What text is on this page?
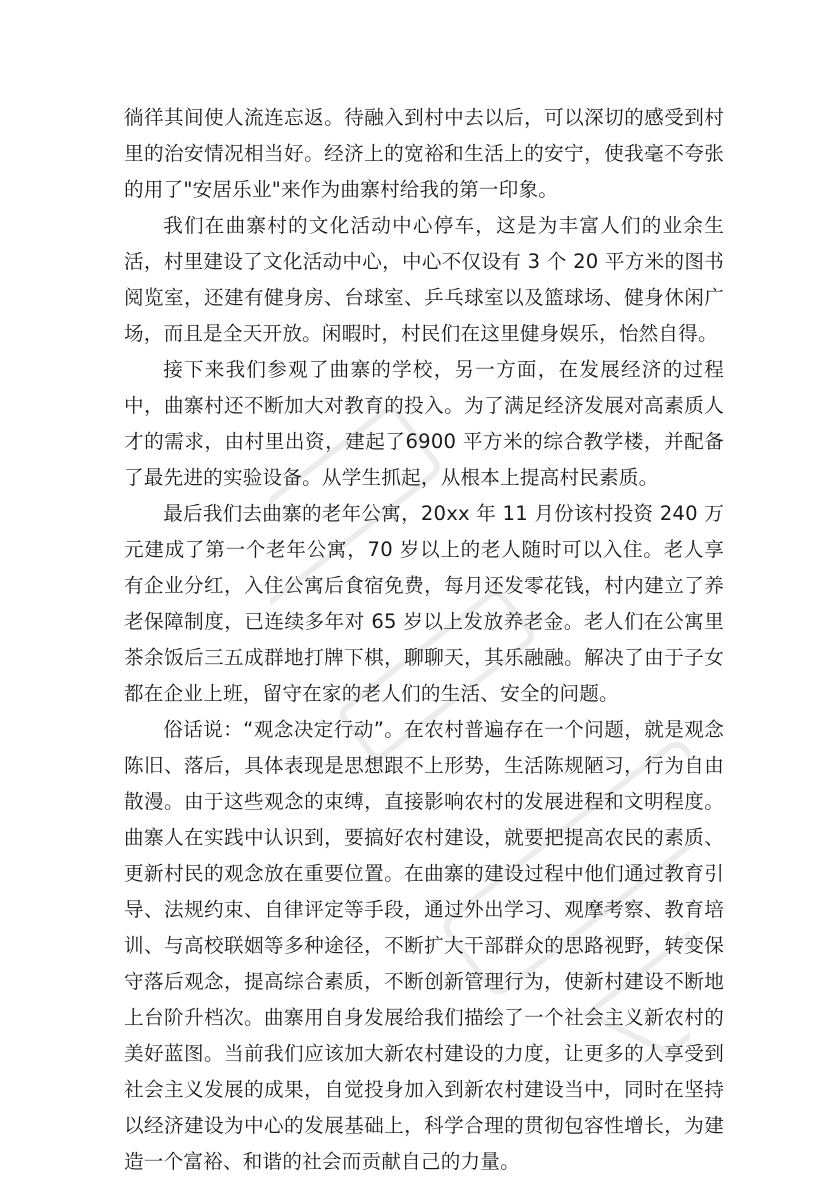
徜徉其间使人流连忘返。待融入到村中去以后，可以深切的感受到村里的治安情况相当好。经济上的宽裕和生活上的安宁，使我毫不夸张的用了"安居乐业"来作为曲寨村给我的第一印象。

我们在曲寨村的文化活动中心停车，这是为丰富人们的业余生活，村里建设了文化活动中心，中心不仅设有 3 个 20 平方米的图书阅览室，还建有健身房、台球室、乒乓球室以及篮球场、健身休闲广场，而且是全天开放。闲暇时，村民们在这里健身娱乐，怡然自得。

接下来我们参观了曲寨的学校，另一方面，在发展经济的过程中，曲寨村还不断加大对教育的投入。为了满足经济发展对高素质人才的需求，由村里出资，建起了6900 平方米的综合教学楼，并配备了最先进的实验设备。从学生抓起，从根本上提高村民素质。

最后我们去曲寨的老年公寓，20xx 年 11 月份该村投资 240 万元建成了第一个老年公寓，70 岁以上的老人随时可以入住。老人享有企业分红，入住公寓后食宿免费，每月还发零花钱，村内建立了养老保障制度，已连续多年对 65 岁以上发放养老金。老人们在公寓里茶余饭后三五成群地打牌下棋，聊聊天，其乐融融。解决了由于子女都在企业上班，留守在家的老人们的生活、安全的问题。

俗话说：“观念决定行动”。在农村普遍存在一个问题，就是观念陈旧、落后，具体表现是思想跟不上形势，生活陈规陋习，行为自由散漫。由于这些观念的束缚，直接影响农村的发展进程和文明程度。曲寨人在实践中认识到，要搞好农村建设，就要把提高农民的素质、更新村民的观念放在重要位置。在曲寨的建设过程中他们通过教育引导、法规约束、自律评定等手段，通过外出学习、观摩考察、教育培训、与高校联姻等多种途径，不断扩大干部群众的思路视野，转变保守落后观念，提高综合素质，不断创新管理行为，使新村建设不断地上台阶升档次。曲寨用自身发展给我们描绘了一个社会主义新农村的美好蓝图。当前我们应该加大新农村建设的力度，让更多的人享受到社会主义发展的成果，自觉投身加入到新农村建设当中，同时在坚持以经济建设为中心的发展基础上，科学合理的贯彻包容性增长，为建造一个富裕、和谐的社会而贡献自己的力量。
